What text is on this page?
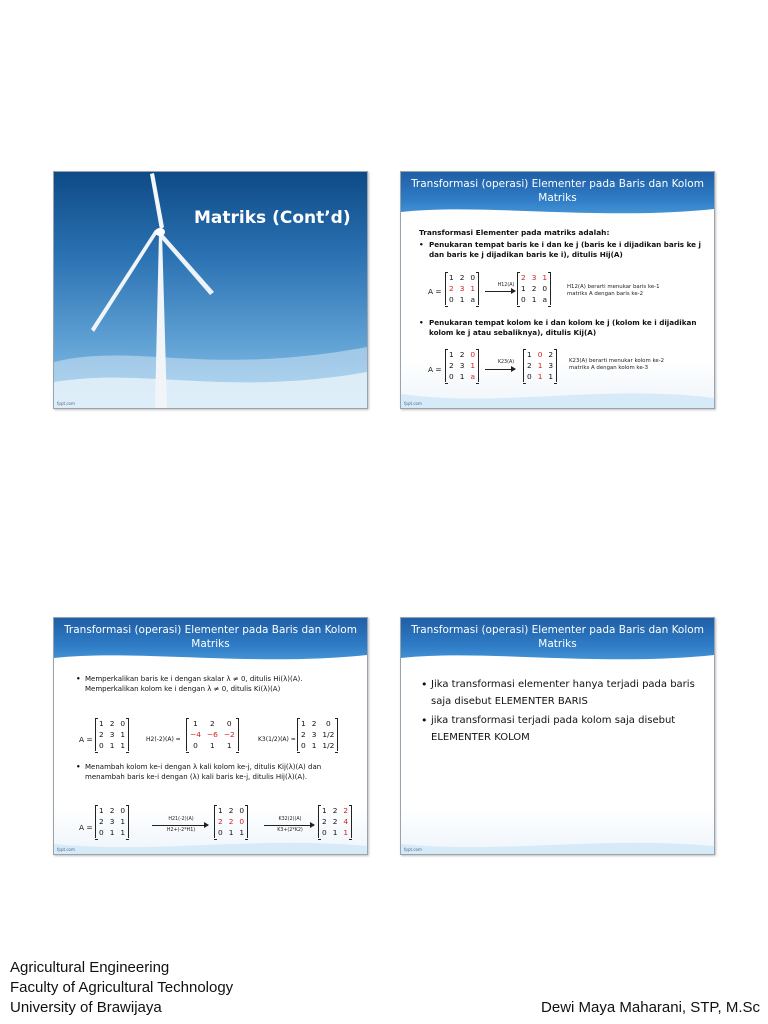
Matriks (Cont’d)
fppt.com
Transformasi (operasi) Elementer pada Baris dan Kolom Matriks
Transformasi Elementer pada matriks adalah:
• Penukaran tempat baris ke i dan ke j (baris ke i dijadikan baris ke j dan baris ke j dijadikan baris ke i), ditulis Hij(A)
A =
1	2	0
2	3	1
0	1	a
H12(A)
2	3	1
1	2	0
0	1	a
H12(A) berarti menukar baris ke-1 matriks A dengan baris ke-2
• Penukaran tempat kolom ke i dan kolom ke j (kolom ke i dijadikan kolom ke j atau sebaliknya), ditulis Kij(A)
A =
1	2	0
2	3	1
0	1	a
K23(A)
1	0	2
2	1	3
0	1	1
K23(A) berarti menukar kolom ke-2 matriks A dengan kolom ke-3
fppt.com
Transformasi (operasi) Elementer pada Baris dan Kolom Matriks
• Memperkalikan baris ke i dengan skalar λ ≠ 0, ditulis Hi(λ)(A). Memperkalikan kolom ke i dengan λ ≠ 0, ditulis Ki(λ)(A)
A =
1	2	0
2	3	1
0	1	1
H2(-2)(A) =
1	2	0
−4	−6	−2
0	1	1
K3(1/2)(A) =
1	2	0
2	3	1/2
0	1	1/2
• Menambah kolom ke-i dengan λ kali kolom ke-j, ditulis Kij(λ)(A) dan menambah baris ke-i dengan (λ) kali baris ke-j, ditulis Hij(λ)(A).
A =
1	2	0
2	3	1
0	1	1
H21(-2)(A)
H2+(-2*H1)
1	2	0
2	2	0
0	1	1
K32(2)(A)
K3+(2*K2)
1	2	2
2	2	4
0	1	1
fppt.com
Transformasi (operasi) Elementer pada Baris dan Kolom Matriks
• Jika transformasi elementer hanya terjadi pada baris saja disebut ELEMENTER BARIS
• jika transformasi terjadi pada kolom saja disebut ELEMENTER KOLOM
fppt.com
Agricultural Engineering
Faculty of Agricultural Technology
University of Brawijaya	Dewi Maya Maharani, STP, M.Sc
